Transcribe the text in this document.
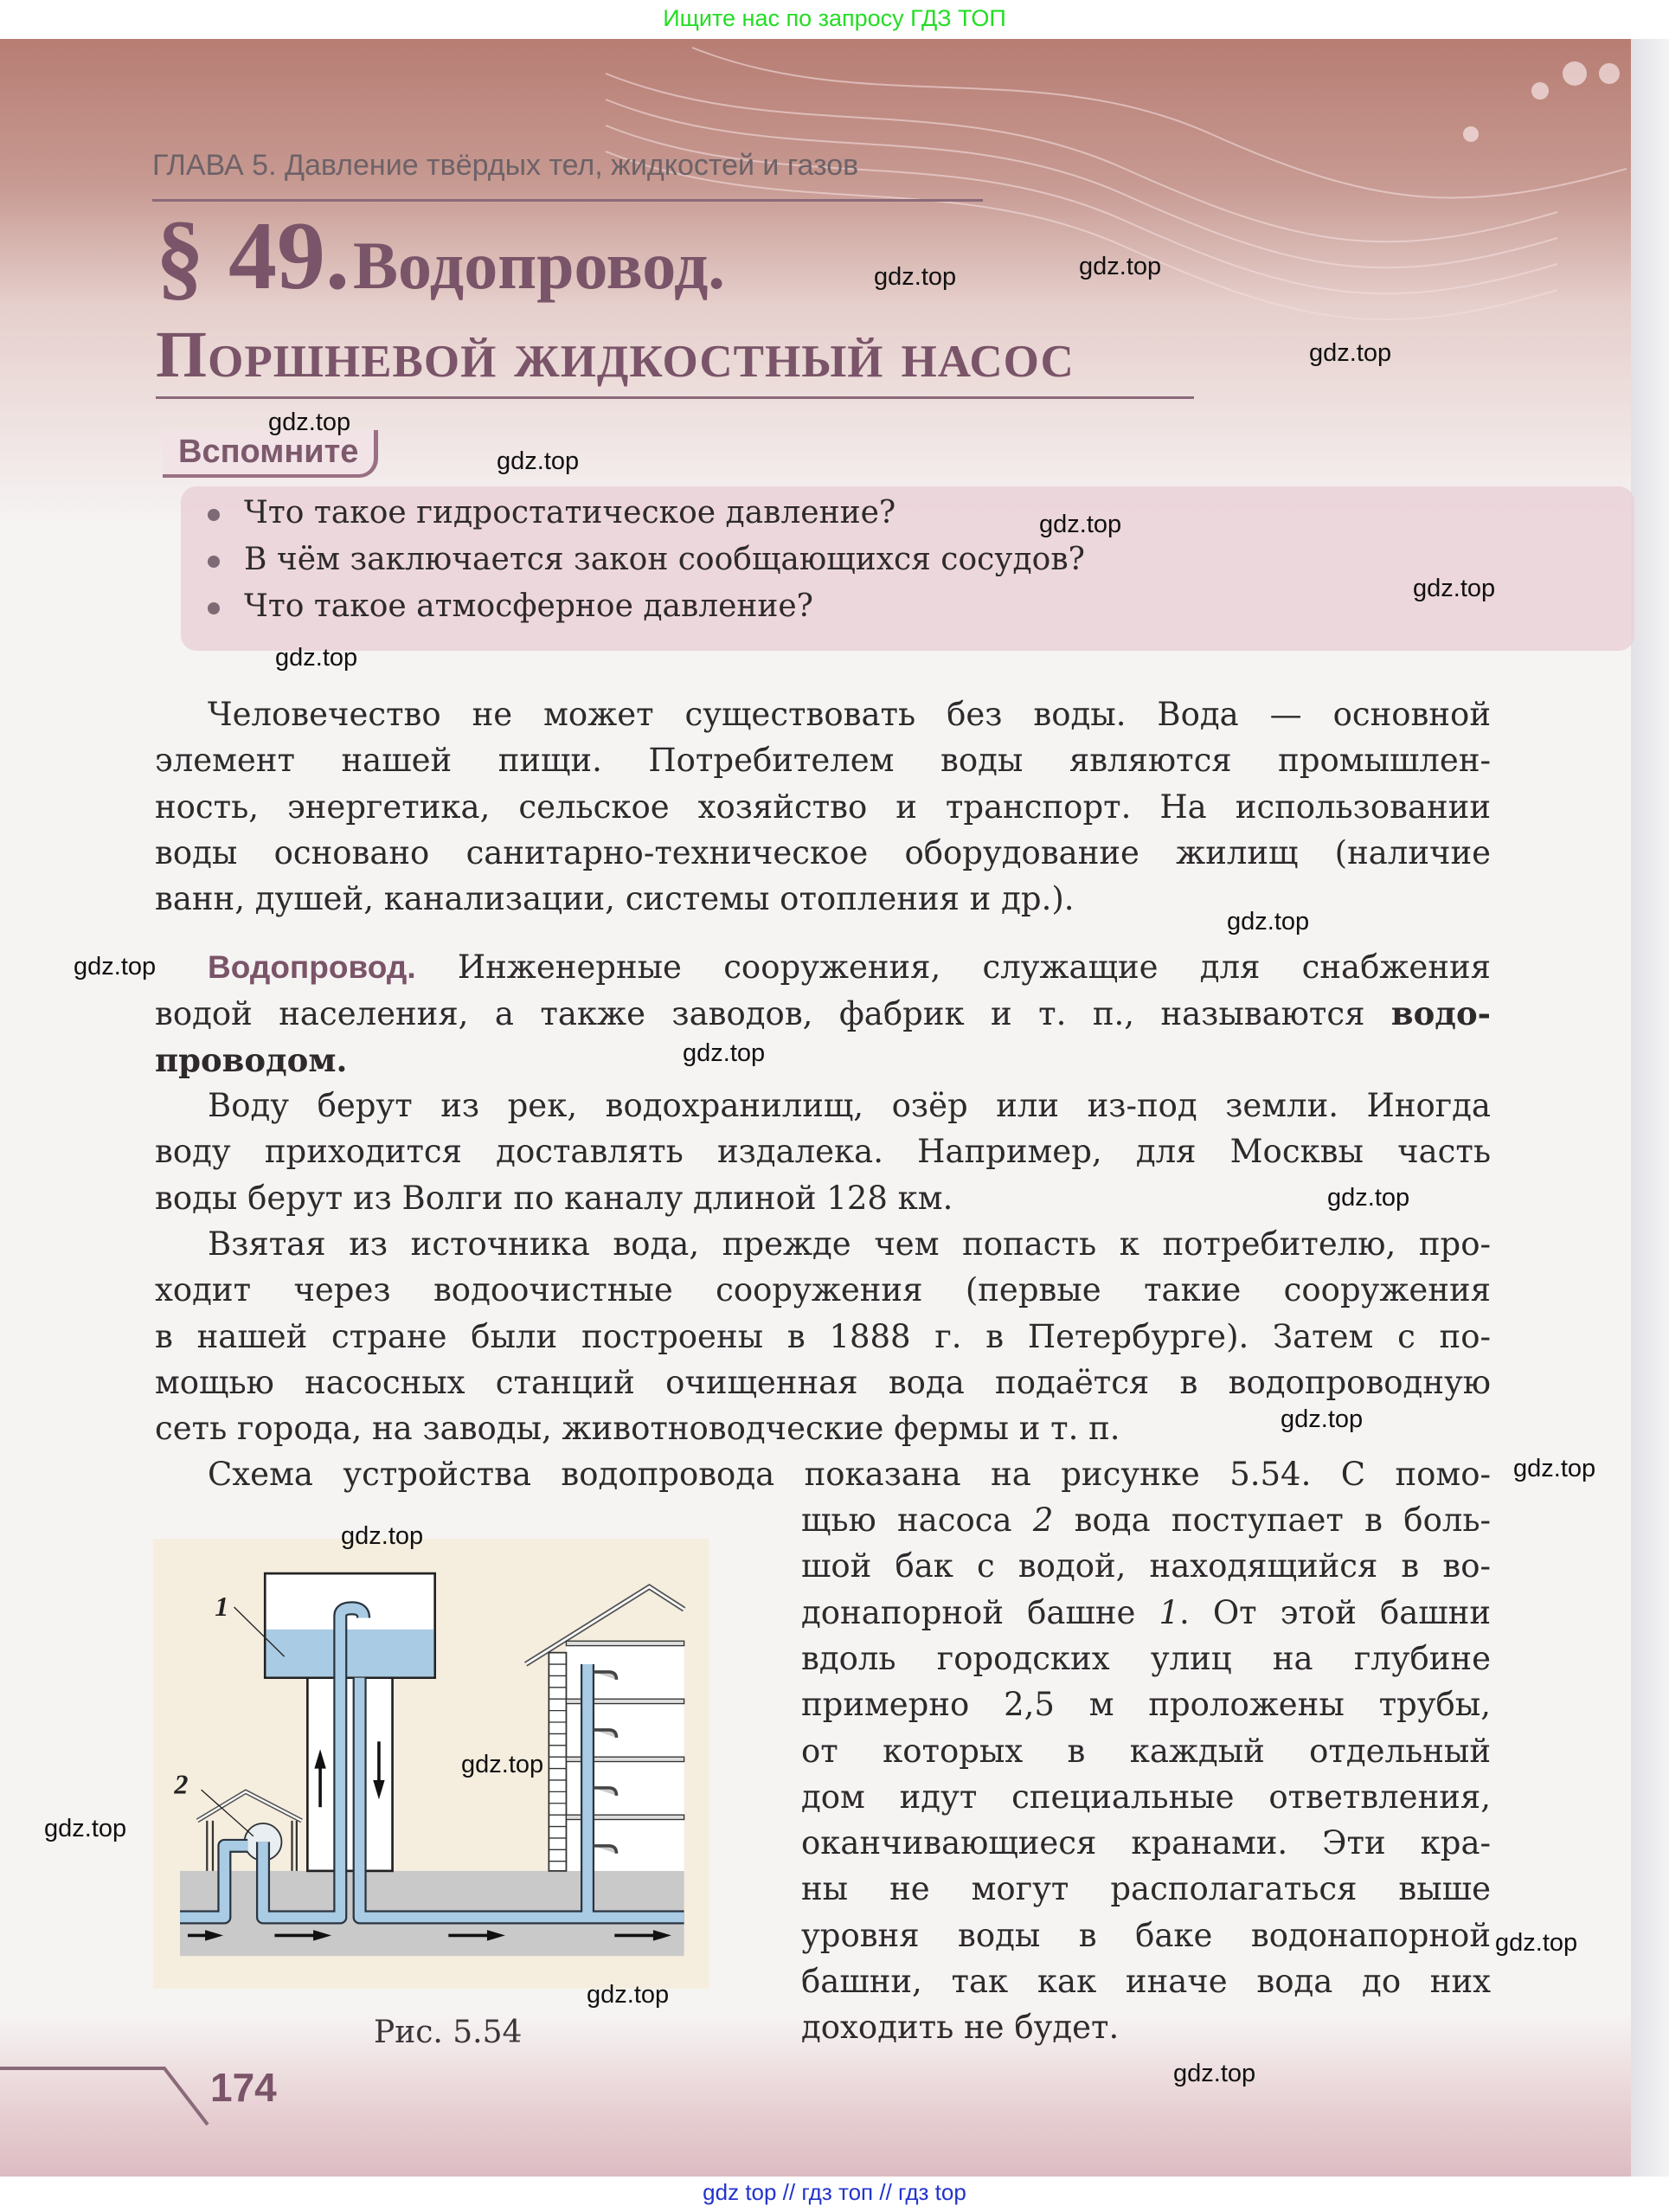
Ищите нас по запросу ГДЗ ТОП
ГЛАВА 5. Давление твёрдых тел, жидкостей и газов
§ 49. Водопровод.
Поршневой жидкостный насос
Вспомните
Что такое гидростатическое давление?
В чём заключается закон сообщающихся сосудов?
Что такое атмосферное давление?
Человечество не может существовать без воды. Вода — основной
элемент нашей пищи. Потребителем воды являются промышлен-
ность, энергетика, сельское хозяйство и транспорт. На использовании
воды основано санитарно-техническое оборудование жилищ (наличие
ванн, душей, канализации, системы отопления и др.).
Водопровод. Инженерные сооружения, служащие для снабжения
водой населения, а также заводов, фабрик и т. п., называются водо-
проводом.
Воду берут из рек, водохранилищ, озёр или из-под земли. Иногда
воду приходится доставлять издалека. Например, для Москвы часть
воды берут из Волги по каналу длиной 128 км.
Взятая из источника вода, прежде чем попасть к потребителю, про-
ходит через водоочистные сооружения (первые такие сооружения
в нашей стране были построены в 1888 г. в Петербурге). Затем с по-
мощью насосных станций очищенная вода подаётся в водопроводную
сеть города, на заводы, животноводческие фермы и т. п.
Схема устройства водопровода показана на рисунке 5.54. С помо-
щью насоса 2 вода поступает в боль-
шой бак с водой, находящийся в во-
донапорной башне 1. От этой башни
вдоль городских улиц на глубине
примерно 2,5 м проложены трубы,
от которых в каждый отдельный
дом идут специальные ответвления,
оканчивающиеся кранами. Эти кра-
ны не могут располагаться выше
уровня воды в баке водонапорной
башни, так как иначе вода до них
доходить не будет.
1
2
Рис. 5.54
174
gdz.top
gdz.top
gdz.top
gdz.top
gdz.top
gdz.top
gdz.top
gdz.top
gdz.top
gdz.top
gdz.top
gdz.top
gdz.top
gdz.top
gdz.top
gdz.top
gdz.top
gdz.top
gdz.top
gdz.top
gdz top // гдз топ // гдз top
